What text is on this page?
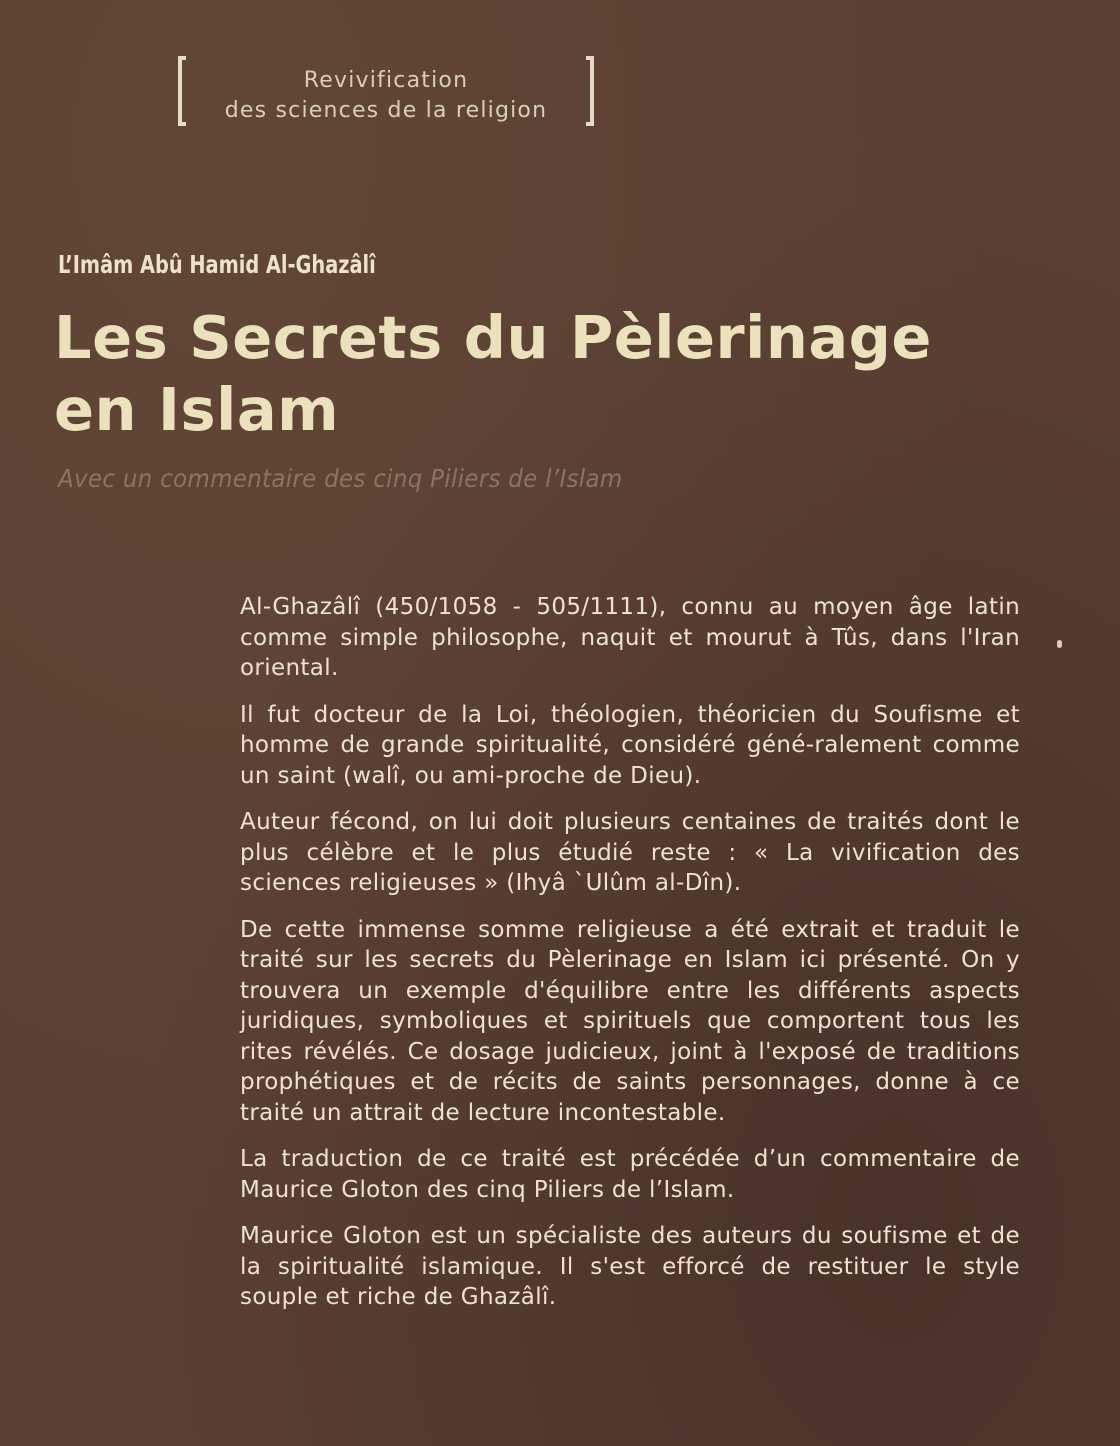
Revivification
des sciences de la religion
L’Imâm Abû Hamid Al-Ghazâlî
Les Secrets du Pèlerinage
en Islam
Avec un commentaire des cinq Piliers de l’Islam

Al-Ghazâlî (450/1058 - 505/1111), connu au moyen âge latin comme simple philosophe, naquit et mourut à Tûs, dans l'Iran oriental.

Il fut docteur de la Loi, théologien, théoricien du Soufisme et homme de grande spiritualité, considéré géné-ralement comme un saint (walî, ou ami-proche de Dieu).

Auteur fécond, on lui doit plusieurs centaines de traités dont le plus célèbre et le plus étudié reste : « La vivification des sciences religieuses » (Ihyâ `Ulûm al-Dîn).

De cette immense somme religieuse a été extrait et traduit le traité sur les secrets du Pèlerinage en Islam ici présenté. On y trouvera un exemple d'équilibre entre les différents aspects juridiques, symboliques et spirituels que comportent tous les rites révélés. Ce dosage judicieux, joint à l'exposé de traditions prophétiques et de récits de saints personnages, donne à ce traité un attrait de lecture incontestable.

La traduction de ce traité est précédée d’un commentaire de Maurice Gloton des cinq Piliers de l’Islam.

Maurice Gloton est un spécialiste des auteurs du soufisme et de la spiritualité islamique. Il s'est efforcé de restituer le style souple et riche de Ghazâlî.
